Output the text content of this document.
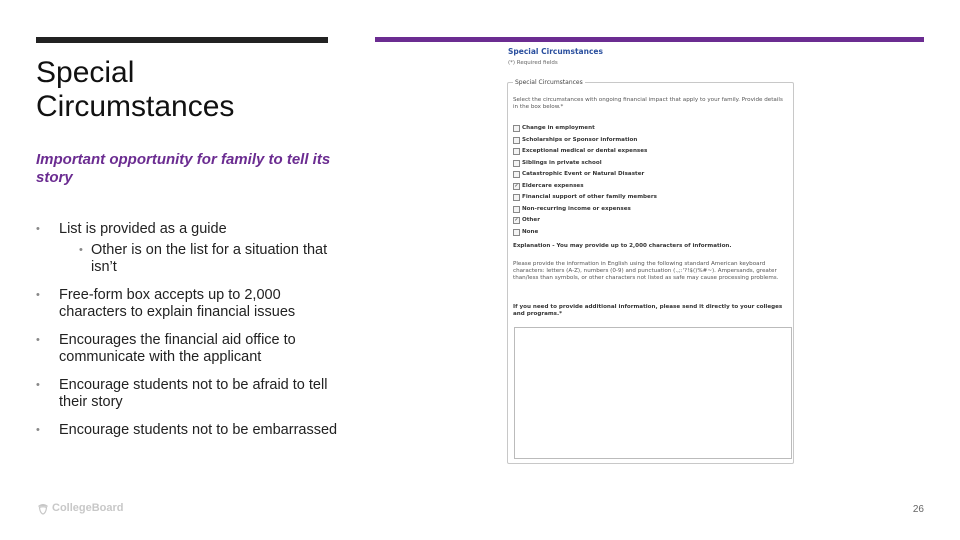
Special
Circumstances

Important opportunity for family to tell its story

• List is provided as a guide
• Other is on the list for a situation that isn’t
• Free-form box accepts up to 2,000 characters to explain financial issues
• Encourages the financial aid office to communicate with the applicant
• Encourage students not to be afraid to tell their story
• Encourage students not to be embarrassed
Special Circumstances
(*) Required fields
Special Circumstances
Select the circumstances with ongoing financial impact that apply to your family. Provide details in the box below.*
Change in employment
Scholarships or Sponsor information
Exceptional medical or dental expenses
Siblings in private school
Catastrophic Event or Natural Disaster
✓ Eldercare expenses
Financial support of other family members
Non-recurring income or expenses
✓ Other
None
Explanation - You may provide up to 2,000 characters of information.
Please provide the information in English using the following standard American keyboard characters: letters (A-Z), numbers (0-9) and punctuation (.,;:'?!$()%#~). Ampersands, greater than/less than symbols, or other characters not listed as safe may cause processing problems.
If you need to provide additional information, please send it directly to your colleges and programs.*
CollegeBoard	26
